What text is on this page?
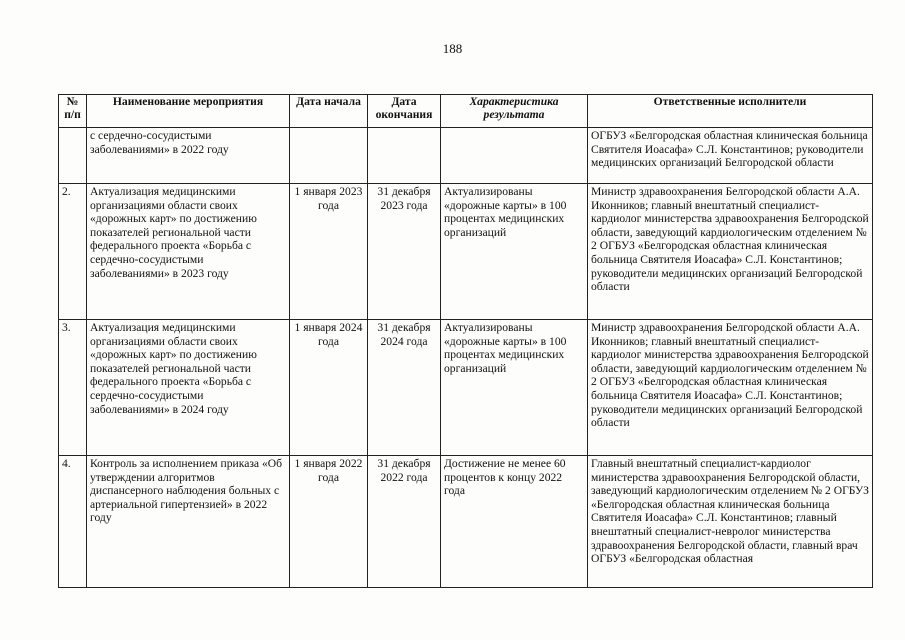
188
№ п/п	Наименование мероприятия	Дата начала	Дата окончания	Характеристика результата	Ответственные исполнители
	с сердечно-сосудистыми заболеваниями» в 2022 году				ОГБУЗ «Белгородская областная клиническая больница Святителя Иоасафа» С.Л. Константинов; руководители медицинских организаций Белгородской области
2.	Актуализация медицинскими организациями области своих «дорожных карт» по достижению показателей региональной части федерального проекта «Борьба с сердечно-сосудистыми заболеваниями» в 2023 году	1 января 2023 года	31 декабря 2023 года	Актуализированы «дорожные карты» в 100 процентах медицинских организаций	Министр здравоохранения Белгородской области А.А. Иконников; главный внештатный специалист-кардиолог министерства здравоохранения Белгородской области, заведующий кардиологическим отделением № 2 ОГБУЗ «Белгородская областная клиническая больница Святителя Иоасафа» С.Л. Константинов; руководители медицинских организаций Белгородской области
3.	Актуализация медицинскими организациями области своих «дорожных карт» по достижению показателей региональной части федерального проекта «Борьба с сердечно-сосудистыми заболеваниями» в 2024 году	1 января 2024 года	31 декабря 2024 года	Актуализированы «дорожные карты» в 100 процентах медицинских организаций	Министр здравоохранения Белгородской области А.А. Иконников; главный внештатный специалист-кардиолог министерства здравоохранения Белгородской области, заведующий кардиологическим отделением № 2 ОГБУЗ «Белгородская областная клиническая больница Святителя Иоасафа» С.Л. Константинов; руководители медицинских организаций Белгородской области
4.	Контроль за исполнением приказа «Об утверждении алгоритмов диспансерного наблюдения больных с артериальной гипертензией» в 2022 году	1 января 2022 года	31 декабря 2022 года	Достижение не менее 60 процентов к концу 2022 года	Главный внештатный специалист-кардиолог министерства здравоохранения Белгородской области, заведующий кардиологическим отделением № 2 ОГБУЗ «Белгородская областная клиническая больница Святителя Иоасафа» С.Л. Константинов; главный внештатный специалист-невролог министерства здравоохранения Белгородской области, главный врач ОГБУЗ «Белгородская областная
